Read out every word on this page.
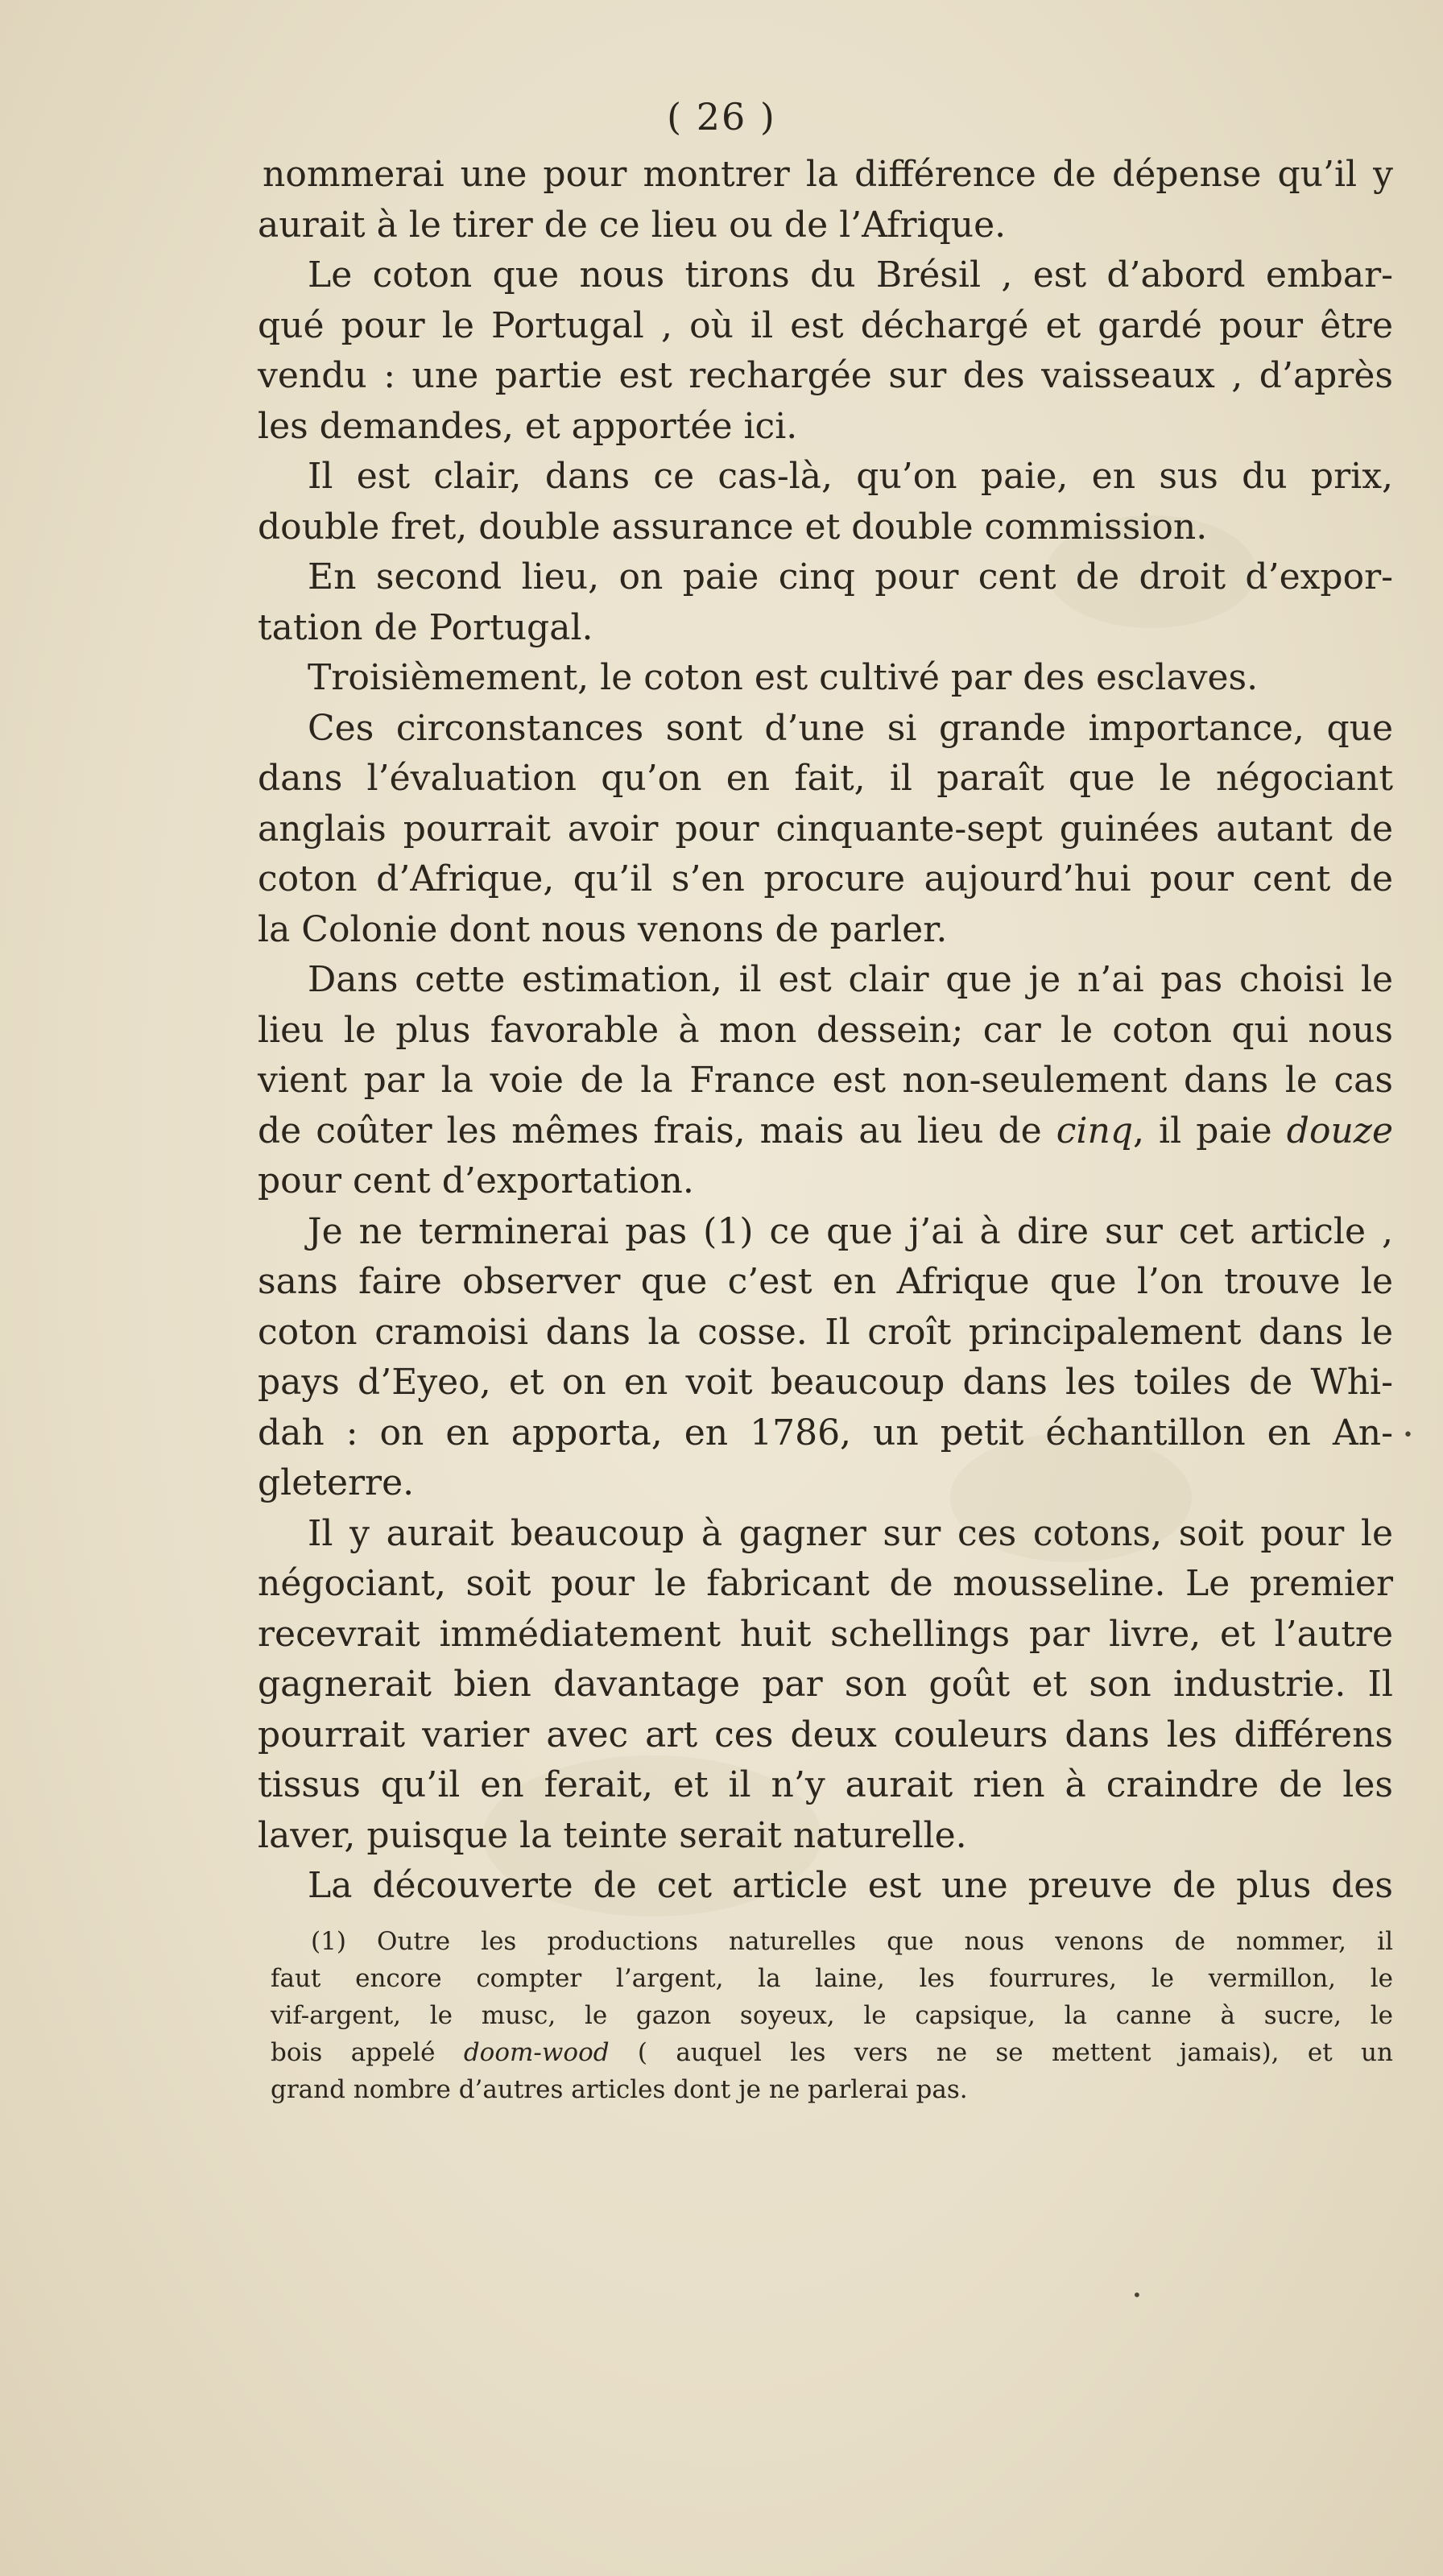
( 26 )
nommerai une pour montrer la différence de dépense qu’il y
aurait à le tirer de ce lieu ou de l’Afrique.
Le coton que nous tirons du Brésil , est d’abord embar-
qué pour le Portugal , où il est déchargé et gardé pour être
vendu : une partie est rechargée sur des vaisseaux , d’après
les demandes, et apportée ici.
Il est clair, dans ce cas-là, qu’on paie, en sus du prix,
double fret, double assurance et double commission.
En second lieu, on paie cinq pour cent de droit d’expor-
tation de Portugal.
Troisièmement, le coton est cultivé par des esclaves.
Ces circonstances sont d’une si grande importance, que
dans l’évaluation qu’on en fait, il paraît que le négociant
anglais pourrait avoir pour cinquante-sept guinées autant de
coton d’Afrique, qu’il s’en procure aujourd’hui pour cent de
la Colonie dont nous venons de parler.
Dans cette estimation, il est clair que je n’ai pas choisi le
lieu le plus favorable à mon dessein; car le coton qui nous
vient par la voie de la France est non-seulement dans le cas
de coûter les mêmes frais, mais au lieu de cinq, il paie douze
pour cent d’exportation.
Je ne terminerai pas (1) ce que j’ai à dire sur cet article ,
sans faire observer que c’est en Afrique que l’on trouve le
coton cramoisi dans la cosse. Il croît principalement dans le
pays d’Eyeo, et on en voit beaucoup dans les toiles de Whi-
dah : on en apporta, en 1786, un petit échantillon en An-
gleterre.
Il y aurait beaucoup à gagner sur ces cotons, soit pour le
négociant, soit pour le fabricant de mousseline. Le premier
recevrait immédiatement huit schellings par livre, et l’autre
gagnerait bien davantage par son goût et son industrie. Il
pourrait varier avec art ces deux couleurs dans les différens
tissus qu’il en ferait, et il n’y aurait rien à craindre de les
laver, puisque la teinte serait naturelle.
La découverte de cet article est une preuve de plus des
(1) Outre les productions naturelles que nous venons de nommer, il
faut encore compter l’argent, la laine, les fourrures, le vermillon, le
vif-argent, le musc, le gazon soyeux, le capsique, la canne à sucre, le
bois appelé doom-wood ( auquel les vers ne se mettent jamais), et un
grand nombre d’autres articles dont je ne parlerai pas.
•
•
